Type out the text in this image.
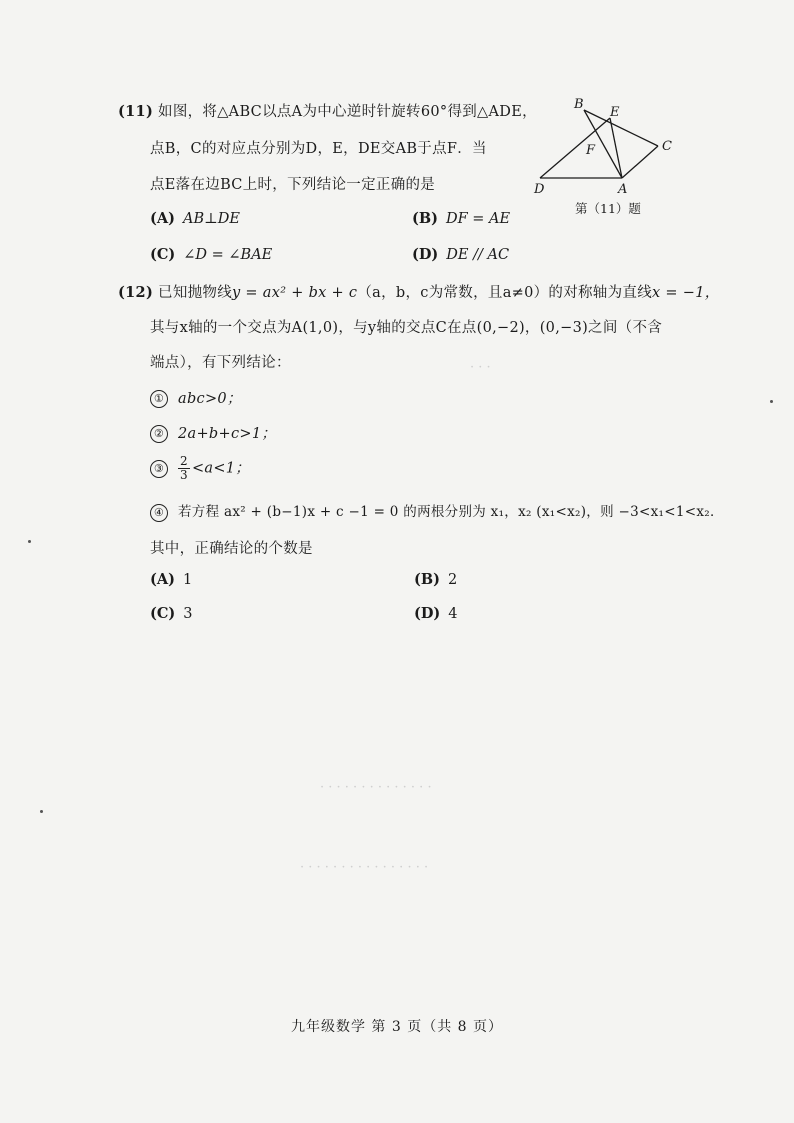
· · ·
· · · · · · · · · · · · · ·
· · · · · · · · · · · · · · · ·
(11) 如图，将△ABC以点A为中心逆时针旋转60°得到△ADE，
点B，C的对应点分别为D，E，DE交AB于点F．当
点E落在边BC上时，下列结论一定正确的是
(A) AB⊥DE	(B) DF = AE
(C) ∠D = ∠BAE	(D) DE // AC
B
E
C
F
D	A
第（11）题
(12) 已知抛物线y = ax² + bx + c（a，b，c为常数，且a≠0）的对称轴为直线x = −1，
其与x轴的一个交点为A(1,0)，与y轴的交点C在点(0,−2)，(0,−3)之间（不含
端点），有下列结论：
① abc>0；
② 2a+b+c>1；
③ $\frac{2}{3} <a<1$；
④ 若方程 ax² + (b−1)x + c −1 = 0 的两根分别为 x₁，x₂ (x₁<x₂)，则 −3<x₁<1<x₂．
其中，正确结论的个数是
(A) 1	(B) 2
(C) 3	(D) 4
九年级数学 第 3 页（共 8 页）
